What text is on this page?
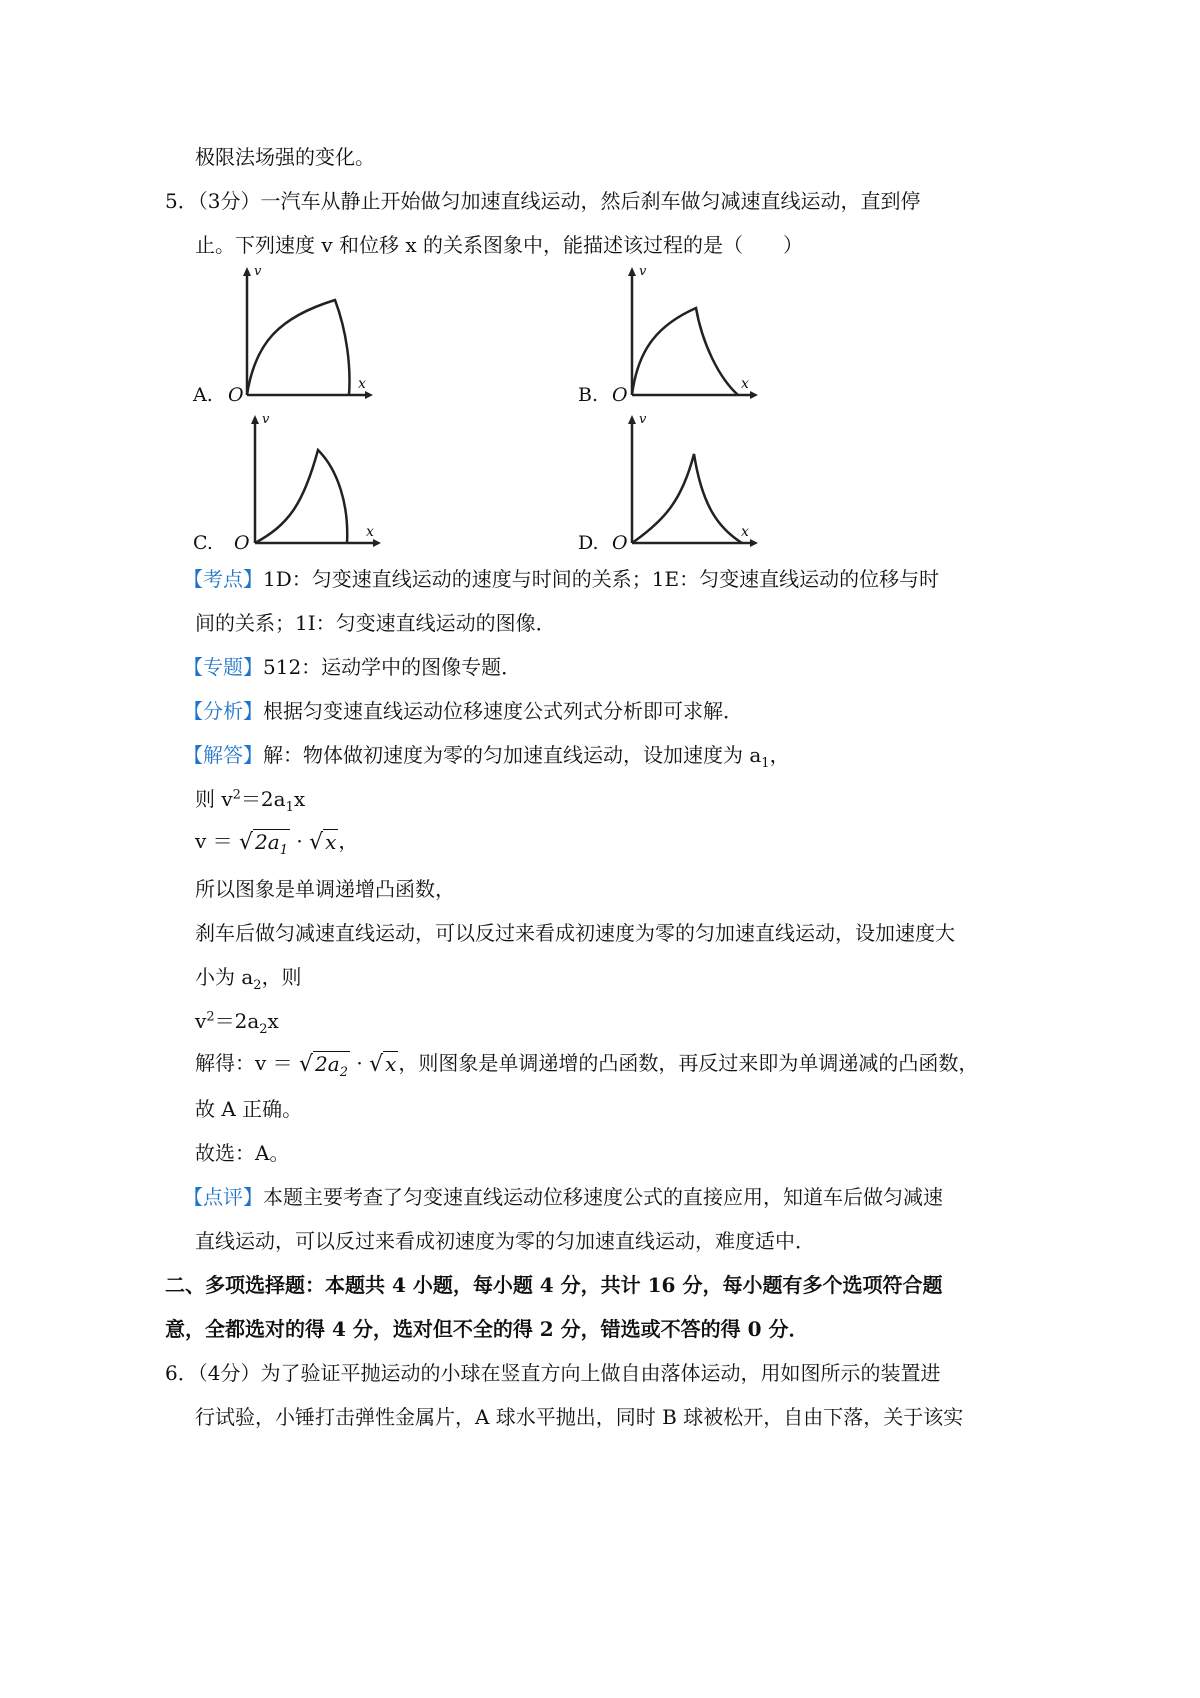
极限法场强的变化。
5．（3分）一汽车从静止开始做匀加速直线运动，然后刹车做匀减速直线运动，直到停
止。下列速度 v 和位移 x 的关系图象中，能描述该过程的是（　　）
A. O
v
x	B. O
v
x
C. O
v
x	D. O
v
x
【考点】1D：匀变速直线运动的速度与时间的关系；1E：匀变速直线运动的位移与时
间的关系；1I：匀变速直线运动的图像．
【专题】512：运动学中的图像专题．
【分析】根据匀变速直线运动位移速度公式列式分析即可求解．
【解答】解：物体做初速度为零的匀加速直线运动，设加速度为 $a_1$，
则 $v^2=2a_1x$
v ＝ √ $2a_1$ · √ x ，
所以图象是单调递增凸函数，
刹车后做匀减速直线运动，可以反过来看成初速度为零的匀加速直线运动，设加速度大
小为 $a_2$，则
$v^2=2a_2x$
解得：v ＝ √ $2a_2$ · √ x ，则图象是单调递增的凸函数，再反过来即为单调递减的凸函数，
故 A 正确。
故选：A。
【点评】本题主要考查了匀变速直线运动位移速度公式的直接应用，知道车后做匀减速
直线运动，可以反过来看成初速度为零的匀加速直线运动，难度适中．
二、多项选择题：本题共 4 小题，每小题 4 分，共计 16 分，每小题有多个选项符合题
意，全都选对的得 4 分，选对但不全的得 2 分，错选或不答的得 0 分．
6．（4分）为了验证平抛运动的小球在竖直方向上做自由落体运动，用如图所示的装置进
行试验，小锤打击弹性金属片，A 球水平抛出，同时 B 球被松开，自由下落，关于该实
